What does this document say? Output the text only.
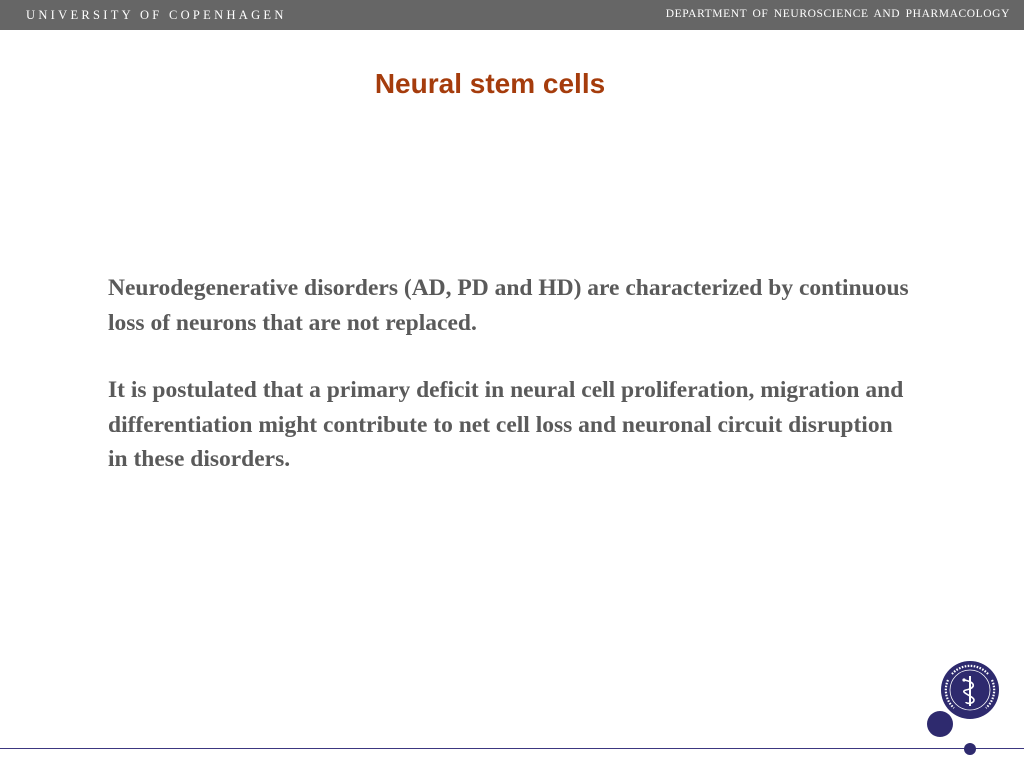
UNIVERSITY OF COPENHAGEN	DEPARTMENT OF NEUROSCIENCE AND PHARMACOLOGY
Neural stem cells

Neurodegenerative disorders (AD, PD and HD) are characterized by continuous loss of neurons that are not replaced.

It is postulated that a primary deficit in neural cell proliferation, migration and differentiation might contribute to net cell loss and neuronal circuit disruption in these disorders.
